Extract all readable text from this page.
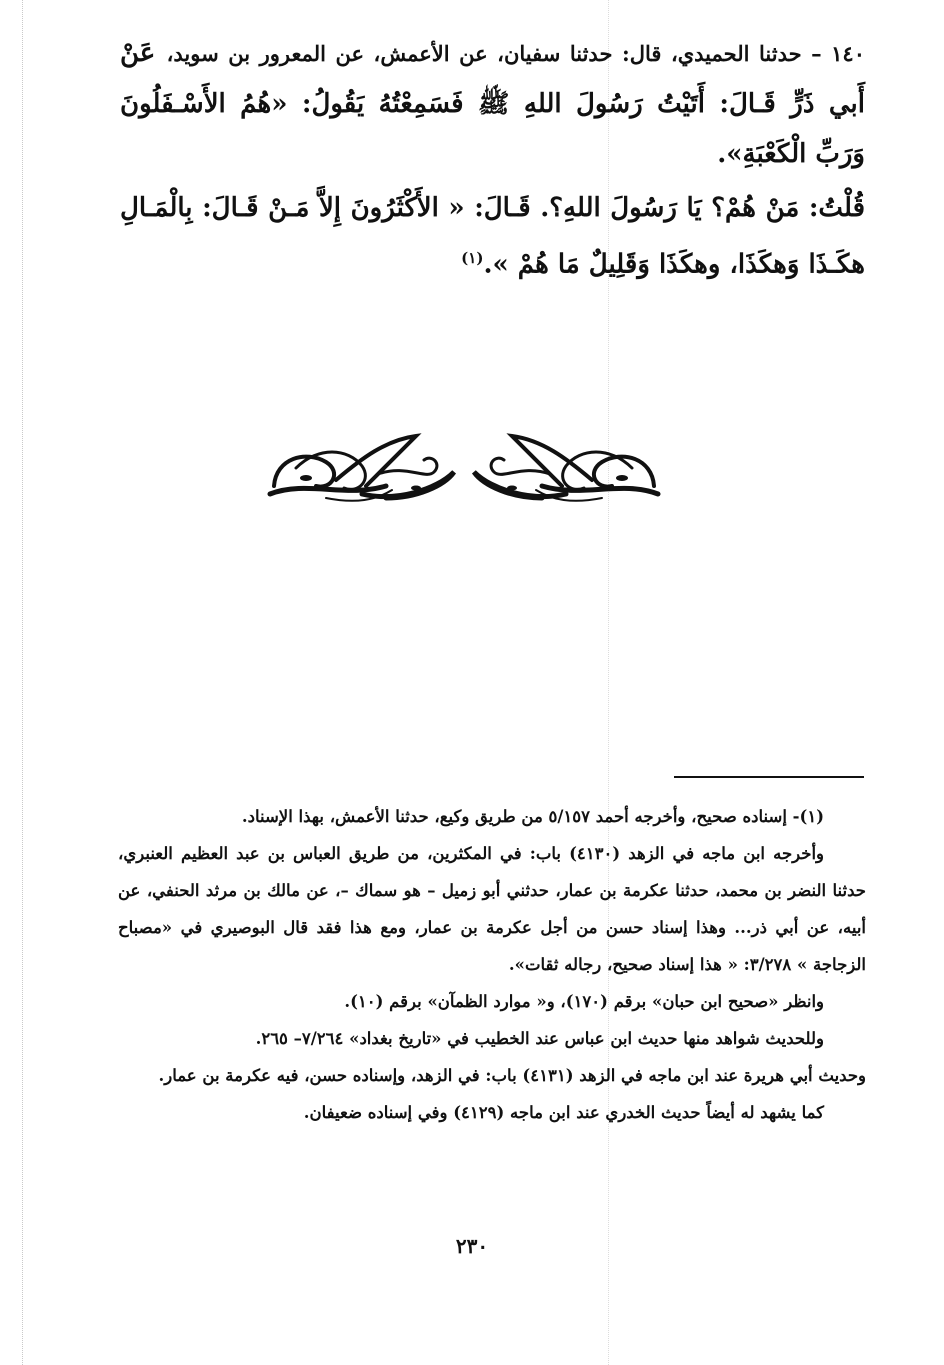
١٤٠ – حدثنا الحميدي، قال: حدثنا سفيان، عن الأعمش، عن المعرور بن سويد، عَنْ أَبي ذَرٍّ قَـالَ: أَتَيْتُ رَسُولَ اللهِ ﷺ فَسَمِعْتُهُ يَقُولُ: «هُمُ الأَسْـفَلُونَ وَرَبِّ الْكَعْبَةِ».

قُلْتُ: مَنْ هُمْ؟ يَا رَسُولَ اللهِ؟. قَـالَ: « الأَكْثَرُونَ إِلاَّ مَـنْ قَـالَ: بِالْمَـالِ هكَـذَا وَهكَذَا، وهكَذَا وَقَلِيلٌ مَا هُمْ ».$^{(١)}$

(١)- إسناده صحيح، وأخرجه أحمد ٥/١٥٧ من طريق وكيع، حدثنا الأعمش، بهذا الإسناد.

وأخرجه ابن ماجه في الزهد (٤١٣٠) باب: في المكثرين، من طريق العباس بن عبد العظيم العنبري، حدثنا النضر بن محمد، حدثنا عكرمة بن عمار، حدثني أبو زميل – هو سماك –، عن مالك بن مرثد الحنفي، عن أبيه، عن أبي ذر... وهذا إسناد حسن من أجل عكرمة بن عمار، ومع هذا فقد قال البوصيري في «مصباح الزجاجة » ٣/٢٧٨: « هذا إسناد صحيح، رجاله ثقات».

وانظر «صحيح ابن حبان» برقم (١٧٠)، و« موارد الظمآن» برقم (١٠).

وللحديث شواهد منها حديث ابن عباس عند الخطيب في «تاريخ بغداد» ٧/٢٦٤– ٢٦٥.

وحديث أبي هريرة عند ابن ماجه في الزهد (٤١٣١) باب: في الزهد، وإسناده حسن، فيه عكرمة بن عمار.

كما يشهد له أيضاً حديث الخدري عند ابن ماجه (٤١٢٩) وفي إسناده ضعيفان.

٢٣٠
